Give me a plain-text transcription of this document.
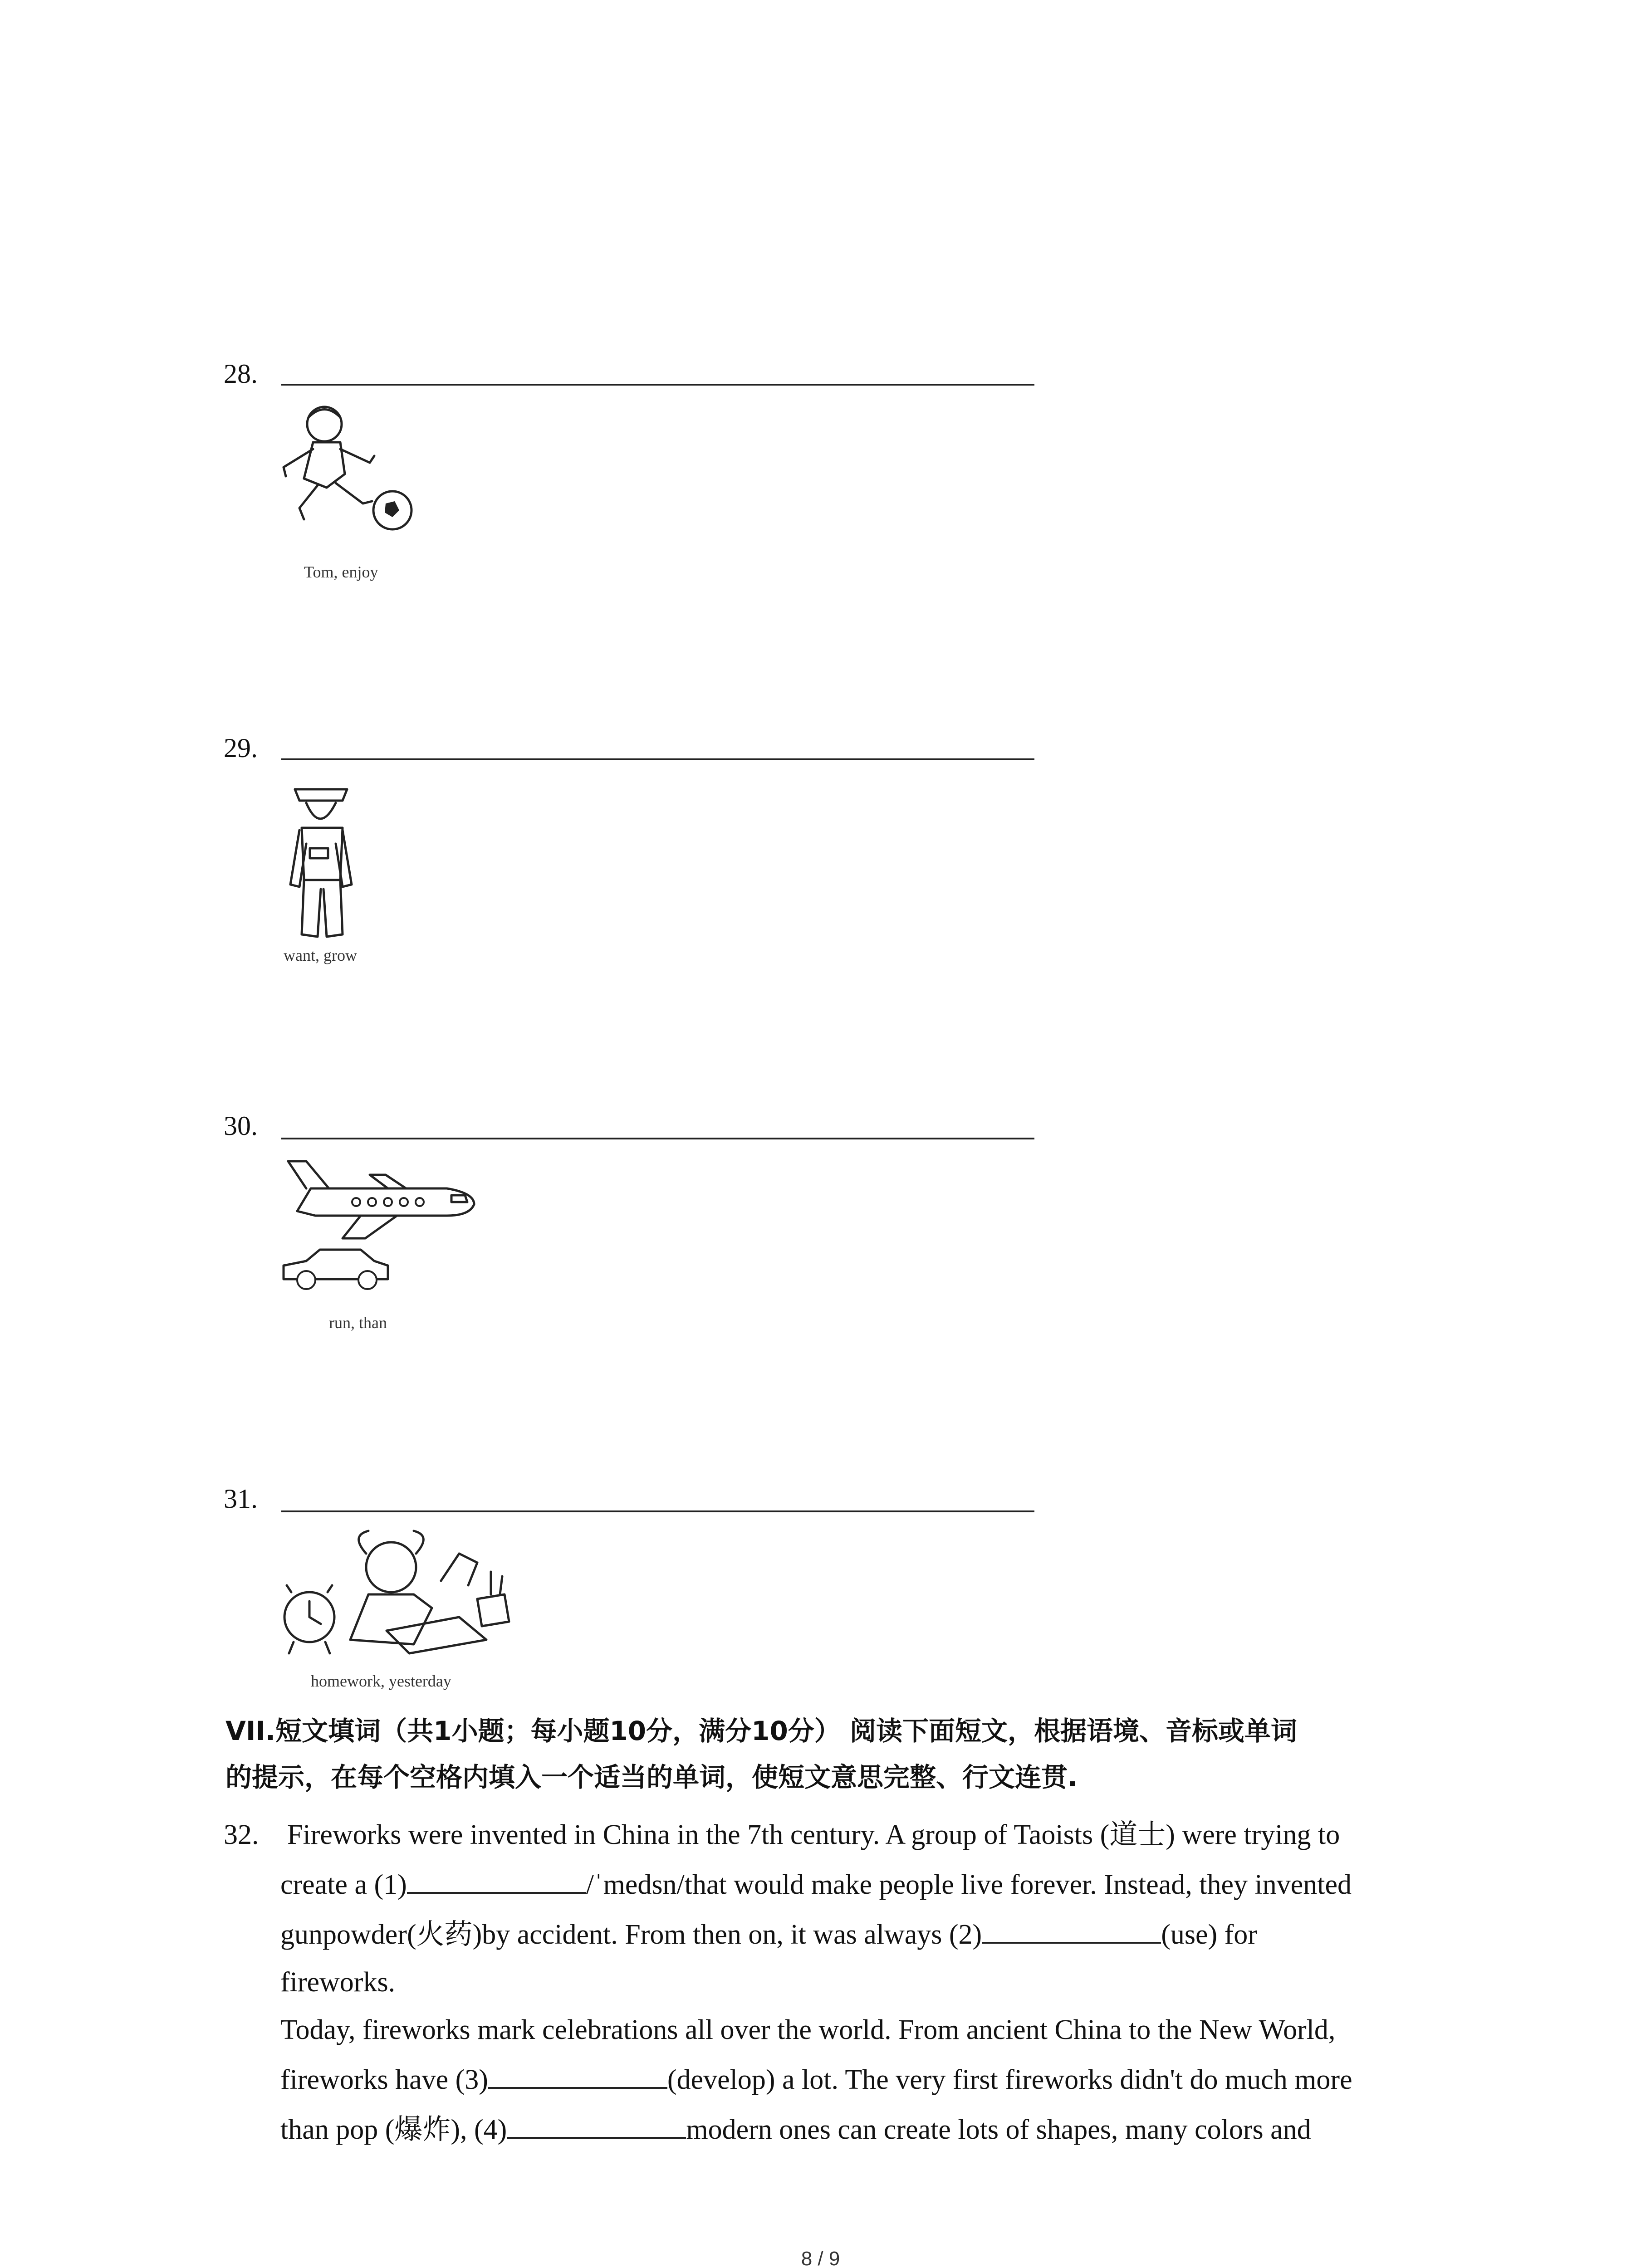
28.
Tom, enjoy
29.
want, grow
30.
run, than
31.
homework, yesterday
VII.短文填词（共1小题；每小题10分，满分10分） 阅读下面短文，根据语境、音标或单词
的提示，在每个空格内填入一个适当的单词，使短文意思完整、行文连贯.
32. Fireworks were invented in China in the 7th century. A group of Taoists (道士) were trying to
create a (1)	/ˈmedsn/that would make people live forever. Instead, they invented
gunpowder(火药)by accident. From then on, it was always (2)	(use) for
fireworks.
Today, fireworks mark celebrations all over the world. From ancient China to the New World,
fireworks have (3)	(develop) a lot. The very first fireworks didn't do much more
than pop (爆炸), (4)	modern ones can create lots of shapes, many colors and
8 / 9
